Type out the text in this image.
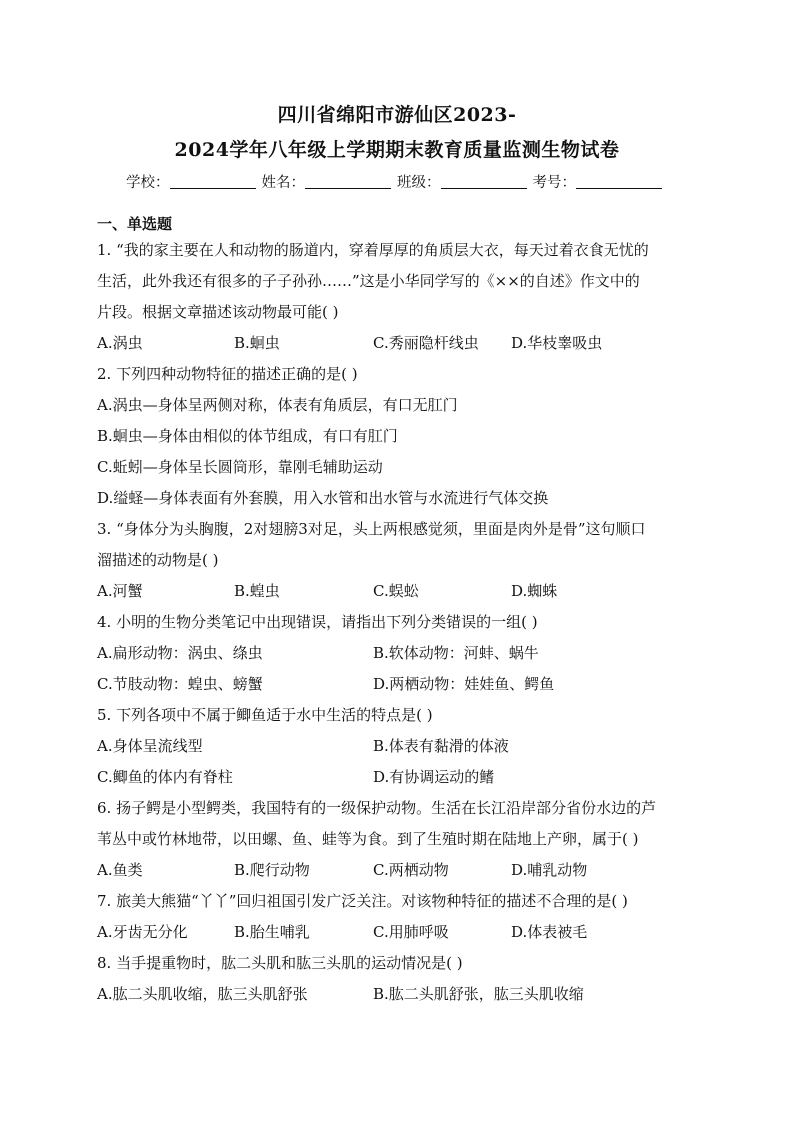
四川省绵阳市游仙区2023-
2024学年八年级上学期期末教育质量监测生物试卷
学校：	姓名：	班级：	考号：
一、单选题
1. “我的家主要在人和动物的肠道内，穿着厚厚的角质层大衣，每天过着衣食无忧的
生活，此外我还有很多的子子孙孙……”这是小华同学写的《××的自述》作文中的
片段。根据文章描述该动物最可能( )
A.涡虫	B.蛔虫	C.秀丽隐杆线虫 D.华枝睾吸虫
2. 下列四种动物特征的描述正确的是( )
A.涡虫—身体呈两侧对称，体表有角质层，有口无肛门
B.蛔虫—身体由相似的体节组成，有口有肛门
C.蚯蚓—身体呈长圆筒形，靠刚毛辅助运动
D.缢蛏—身体表面有外套膜，用入水管和出水管与水流进行气体交换
3. “身体分为头胸腹，2对翅膀3对足，头上两根感觉须，里面是肉外是骨”这句顺口
溜描述的动物是( )
A.河蟹	B.蝗虫	C.蜈蚣	D.蜘蛛
4. 小明的生物分类笔记中出现错误，请指出下列分类错误的一组( )
A.扁形动物：涡虫、绦虫	B.软体动物：河蚌、蜗牛
C.节肢动物：蝗虫、螃蟹	D.两栖动物：娃娃鱼、鳄鱼
5. 下列各项中不属于鲫鱼适于水中生活的特点是( )
A.身体呈流线型	B.体表有黏滑的体液
C.鲫鱼的体内有脊柱	D.有协调运动的鳍
6. 扬子鳄是小型鳄类，我国特有的一级保护动物。生活在长江沿岸部分省份水边的芦
苇丛中或竹林地带，以田螺、鱼、蛙等为食。到了生殖时期在陆地上产卵，属于( )
A.鱼类	B.爬行动物	C.两栖动物	D.哺乳动物
7. 旅美大熊猫“丫丫”回归祖国引发广泛关注。对该物种特征的描述不合理的是( )
A.牙齿无分化	B.胎生哺乳	C.用肺呼吸	D.体表被毛
8. 当手提重物时，肱二头肌和肱三头肌的运动情况是( )
A.肱二头肌收缩，肱三头肌舒张	B.肱二头肌舒张，肱三头肌收缩
